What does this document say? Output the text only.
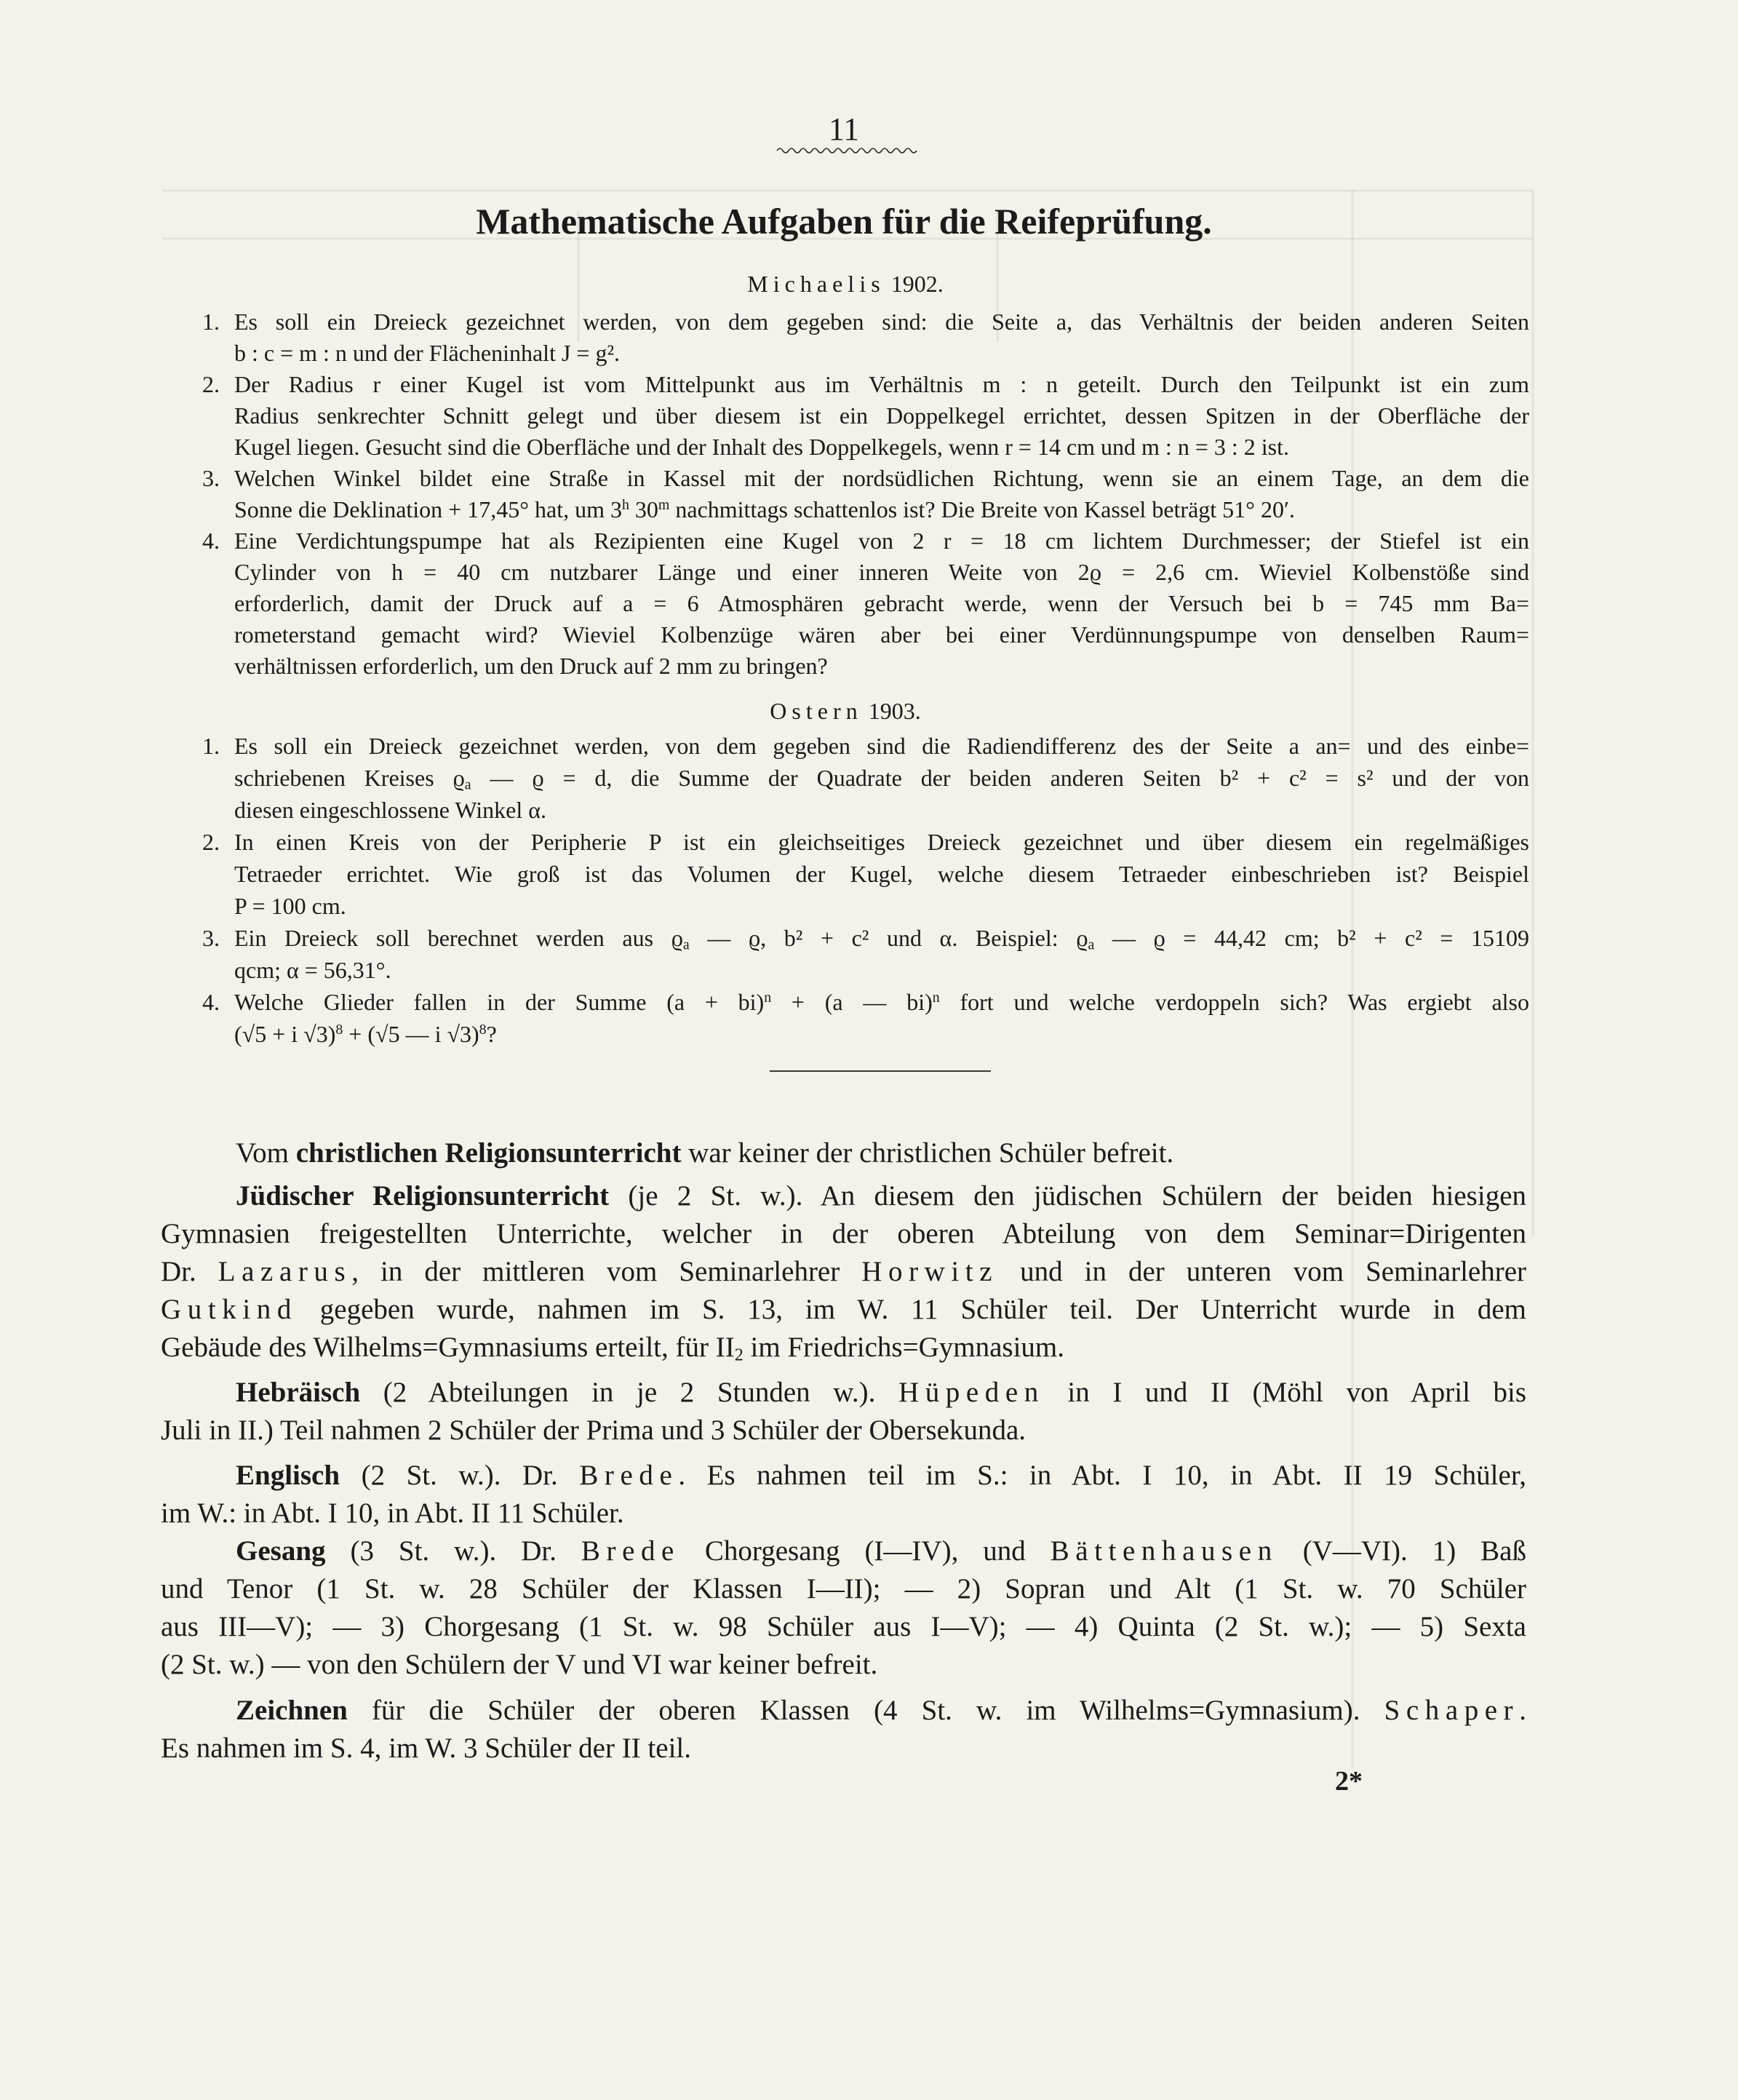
11
Mathematische Aufgaben für die Reifeprüfung.
Michaelis 1902.
1. Es soll ein Dreieck gezeichnet werden, von dem gegeben sind: die Seite a, das Verhältnis der beiden anderen Seiten
b : c = m : n und der Flächeninhalt J = g².
2. Der Radius r einer Kugel ist vom Mittelpunkt aus im Verhältnis m : n geteilt. Durch den Teilpunkt ist ein zum
Radius senkrechter Schnitt gelegt und über diesem ist ein Doppelkegel errichtet, dessen Spitzen in der Oberfläche der
Kugel liegen. Gesucht sind die Oberfläche und der Inhalt des Doppelkegels, wenn r = 14 cm und m : n = 3 : 2 ist.
3. Welchen Winkel bildet eine Straße in Kassel mit der nordsüdlichen Richtung, wenn sie an einem Tage, an dem die
Sonne die Deklination + 17,45° hat, um 3$^h$ 30$^m$ nachmittags schattenlos ist? Die Breite von Kassel beträgt 51° 20′.
4. Eine Verdichtungspumpe hat als Rezipienten eine Kugel von 2 r = 18 cm lichtem Durchmesser; der Stiefel ist ein
Cylinder von h = 40 cm nutzbarer Länge und einer inneren Weite von 2ϱ = 2,6 cm. Wieviel Kolbenstöße sind
erforderlich, damit der Druck auf a = 6 Atmosphären gebracht werde, wenn der Versuch bei b = 745 mm Ba=
rometerstand gemacht wird? Wieviel Kolbenzüge wären aber bei einer Verdünnungspumpe von denselben Raum=
verhältnissen erforderlich, um den Druck auf 2 mm zu bringen?
Ostern 1903.
1. Es soll ein Dreieck gezeichnet werden, von dem gegeben sind die Radiendifferenz des der Seite a an= und des einbe=
schriebenen Kreises ϱa — ϱ = d, die Summe der Quadrate der beiden anderen Seiten b² + c² = s² und der von
diesen eingeschlossene Winkel α.
2. In einen Kreis von der Peripherie P ist ein gleichseitiges Dreieck gezeichnet und über diesem ein regelmäßiges
Tetraeder errichtet. Wie groß ist das Volumen der Kugel, welche diesem Tetraeder einbeschrieben ist? Beispiel
P = 100 cm.
3. Ein Dreieck soll berechnet werden aus ϱa — ϱ, b² + c² und α. Beispiel: ϱa — ϱ = 44,42 cm; b² + c² = 15109
qcm; α = 56,31°.
4. Welche Glieder fallen in der Summe (a + bi)$^n$ + (a — bi)$^n$ fort und welche verdoppeln sich? Was ergiebt also
(√5 + i √3)$^8$ + (√5 — i √3)$^8$?
Vom christlichen Religionsunterricht war keiner der christlichen Schüler befreit.
Jüdischer Religionsunterricht (je 2 St. w.). An diesem den jüdischen Schülern der beiden hiesigen
Gymnasien freigestellten Unterrichte, welcher in der oberen Abteilung von dem Seminar=Dirigenten
Dr. Lazarus, in der mittleren vom Seminarlehrer Horwitz und in der unteren vom Seminarlehrer
Gutkind gegeben wurde, nahmen im S. 13, im W. 11 Schüler teil. Der Unterricht wurde in dem
Gebäude des Wilhelms=Gymnasiums erteilt, für II2 im Friedrichs=Gymnasium.
Hebräisch (2 Abteilungen in je 2 Stunden w.). Hüpeden in I und II (Möhl von April bis
Juli in II.) Teil nahmen 2 Schüler der Prima und 3 Schüler der Obersekunda.
Englisch (2 St. w.). Dr. Brede. Es nahmen teil im S.: in Abt. I 10, in Abt. II 19 Schüler,
im W.: in Abt. I 10, in Abt. II 11 Schüler.
Gesang (3 St. w.). Dr. Brede Chorgesang (I—IV), und Bättenhausen (V—VI). 1) Baß
und Tenor (1 St. w. 28 Schüler der Klassen I—II); — 2) Sopran und Alt (1 St. w. 70 Schüler
aus III—V); — 3) Chorgesang (1 St. w. 98 Schüler aus I—V); — 4) Quinta (2 St. w.); — 5) Sexta
(2 St. w.) — von den Schülern der V und VI war keiner befreit.
Zeichnen für die Schüler der oberen Klassen (4 St. w. im Wilhelms=Gymnasium). Schaper.
Es nahmen im S. 4, im W. 3 Schüler der II teil.
2*
